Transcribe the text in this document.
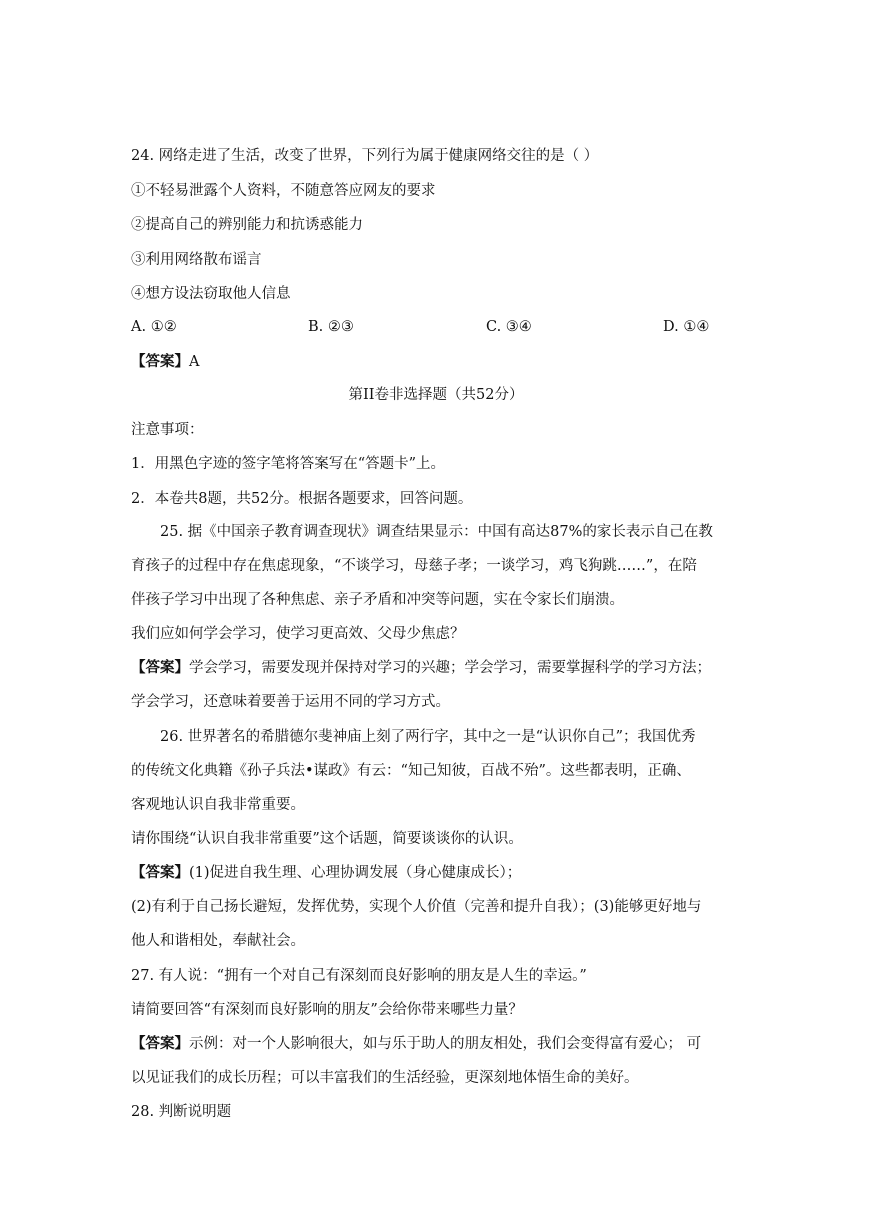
24. 网络走进了生活，改变了世界，下列行为属于健康网络交往的是（ ）
①不轻易泄露个人资料，不随意答应网友的要求
②提高自己的辨别能力和抗诱惑能力
③利用网络散布谣言
④想方设法窃取他人信息
A. ①②	B. ②③	C. ③④	D. ①④
【答案】A
第II卷非选择题（共52分）
注意事项：
1．用黑色字迹的签字笔将答案写在“答题卡”上。
2．本卷共8题，共52分。根据各题要求，回答问题。
25. 据《中国亲子教育调查现状》调查结果显示：中国有高达87%的家长表示自己在教
育孩子的过程中存在焦虑现象，“不谈学习，母慈子孝；一谈学习，鸡飞狗跳……”，在陪
伴孩子学习中出现了各种焦虑、亲子矛盾和冲突等问题，实在令家长们崩溃。
我们应如何学会学习，使学习更高效、父母少焦虑？
【答案】学会学习，需要发现并保持对学习的兴趣；学会学习，需要掌握科学的学习方法；
学会学习，还意味着要善于运用不同的学习方式。
26. 世界著名的希腊德尔斐神庙上刻了两行字，其中之一是“认识你自己”；我国优秀
的传统文化典籍《孙子兵法•谋政》有云：“知己知彼，百战不殆”。这些都表明，正确、
客观地认识自我非常重要。
请你围绕“认识自我非常重要”这个话题，简要谈谈你的认识。
【答案】(1)促进自我生理、心理协调发展（身心健康成长）；
(2)有利于自己扬长避短，发挥优势，实现个人价值（完善和提升自我）；(3)能够更好地与
他人和谐相处，奉献社会。
27. 有人说：“拥有一个对自己有深刻而良好影响的朋友是人生的幸运。”
请简要回答“有深刻而良好影响的朋友”会给你带来哪些力量？
【答案】示例：对一个人影响很大，如与乐于助人的朋友相处，我们会变得富有爱心； 可
以见证我们的成长历程；可以丰富我们的生活经验，更深刻地体悟生命的美好。
28. 判断说明题
